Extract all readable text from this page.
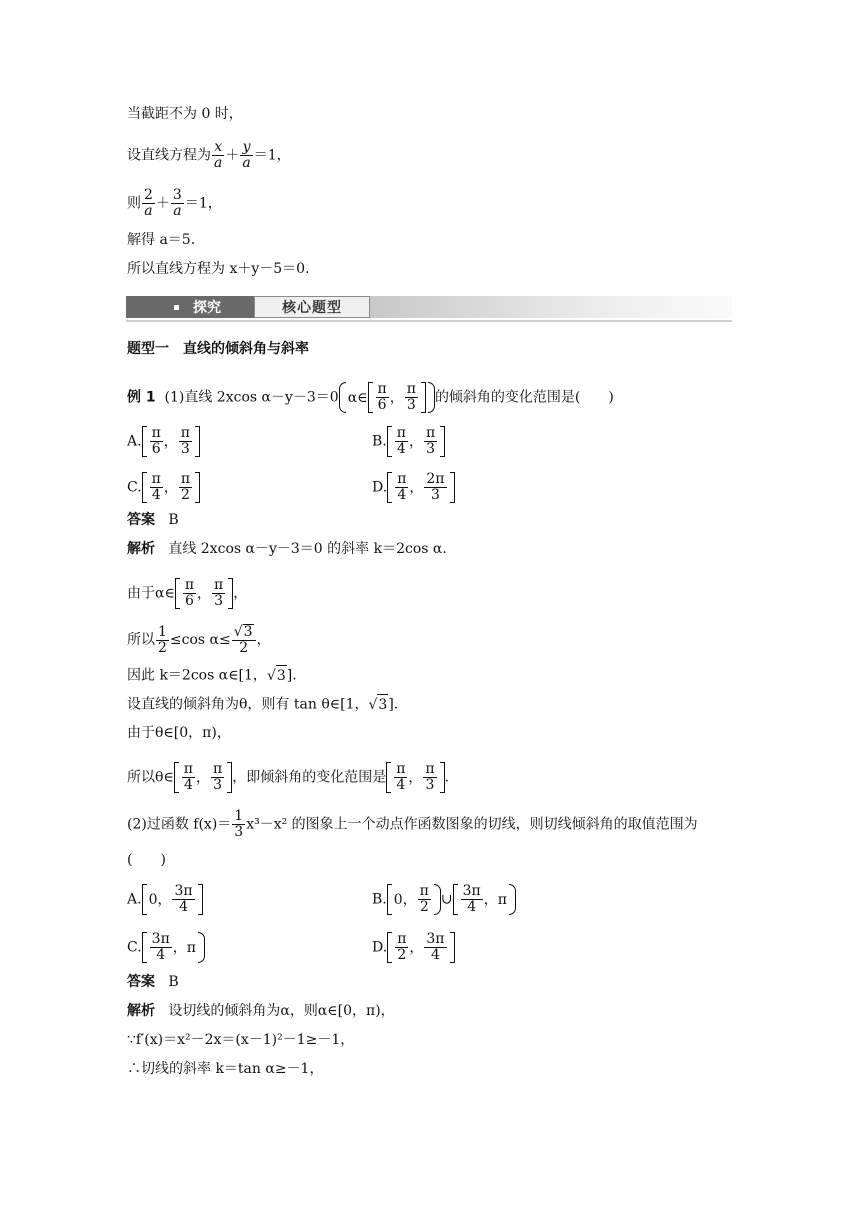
当截距不为 0 时，
设直线方程为 $\frac{x}{a} + \frac{y}{a} =1$，
则 $\frac{2}{a} + \frac{3}{a} =1$，
解得 a＝5.
所以直线方程为 x＋y－5＝0.
探究	核心题型
题型一　直线的倾斜角与斜率
例 1 (1)直线 2xcos α－y－3＝0 α∈ $\frac{\pi}{6}$ ， $\frac{\pi}{3}$ 的倾斜角的变化范围是(　　)
A. $\frac{\pi}{6}$ ， $\frac{\pi}{3}$	B. $\frac{\pi}{4}$ ， $\frac{\pi}{3}$
C. $\frac{\pi}{4}$ ， $\frac{\pi}{2}$	D. $\frac{\pi}{4}$ ， $\frac{2\pi}{3}$
答案 B
解析 直线 2xcos α－y－3＝0 的斜率 k＝2cos α.
由于α∈ $\frac{\pi}{6}$ ， $\frac{\pi}{3}$ ，
所以 $\frac{1}{2} \le\cos$ $\alpha\le \frac{√3}{2}$ ，
因此 k＝2cos α∈[1，√3].
设直线的倾斜角为θ，则有 tan θ∈[1，√3].
由于θ∈[0，π)，
所以θ∈ $\frac{\pi}{4}$ ， $\frac{\pi}{3}$ ，即倾斜角的变化范围是 $\frac{\pi}{4}$ ， $\frac{\pi}{3}$ .
(2)过函数 $f(x)= \frac{1}{3} x^3-x^2$ 的图象上一个动点作函数图象的切线，则切线倾斜角的取值范围为
(　　)
A. 0 ， $\frac{3\pi}{4}$	B. 0 ， $\frac{\pi}{2}$ ∪ $\frac{3\pi}{4}$ ， π
C. $\frac{3\pi}{4}$ ， π	D. $\frac{\pi}{2}$ ， $\frac{3\pi}{4}$
答案 B
解析 设切线的倾斜角为α，则α∈[0，π)，
∵f′(x)＝x²－2x＝(x－1)²－1≥－1，
∴切线的斜率 k＝tan α≥－1，
